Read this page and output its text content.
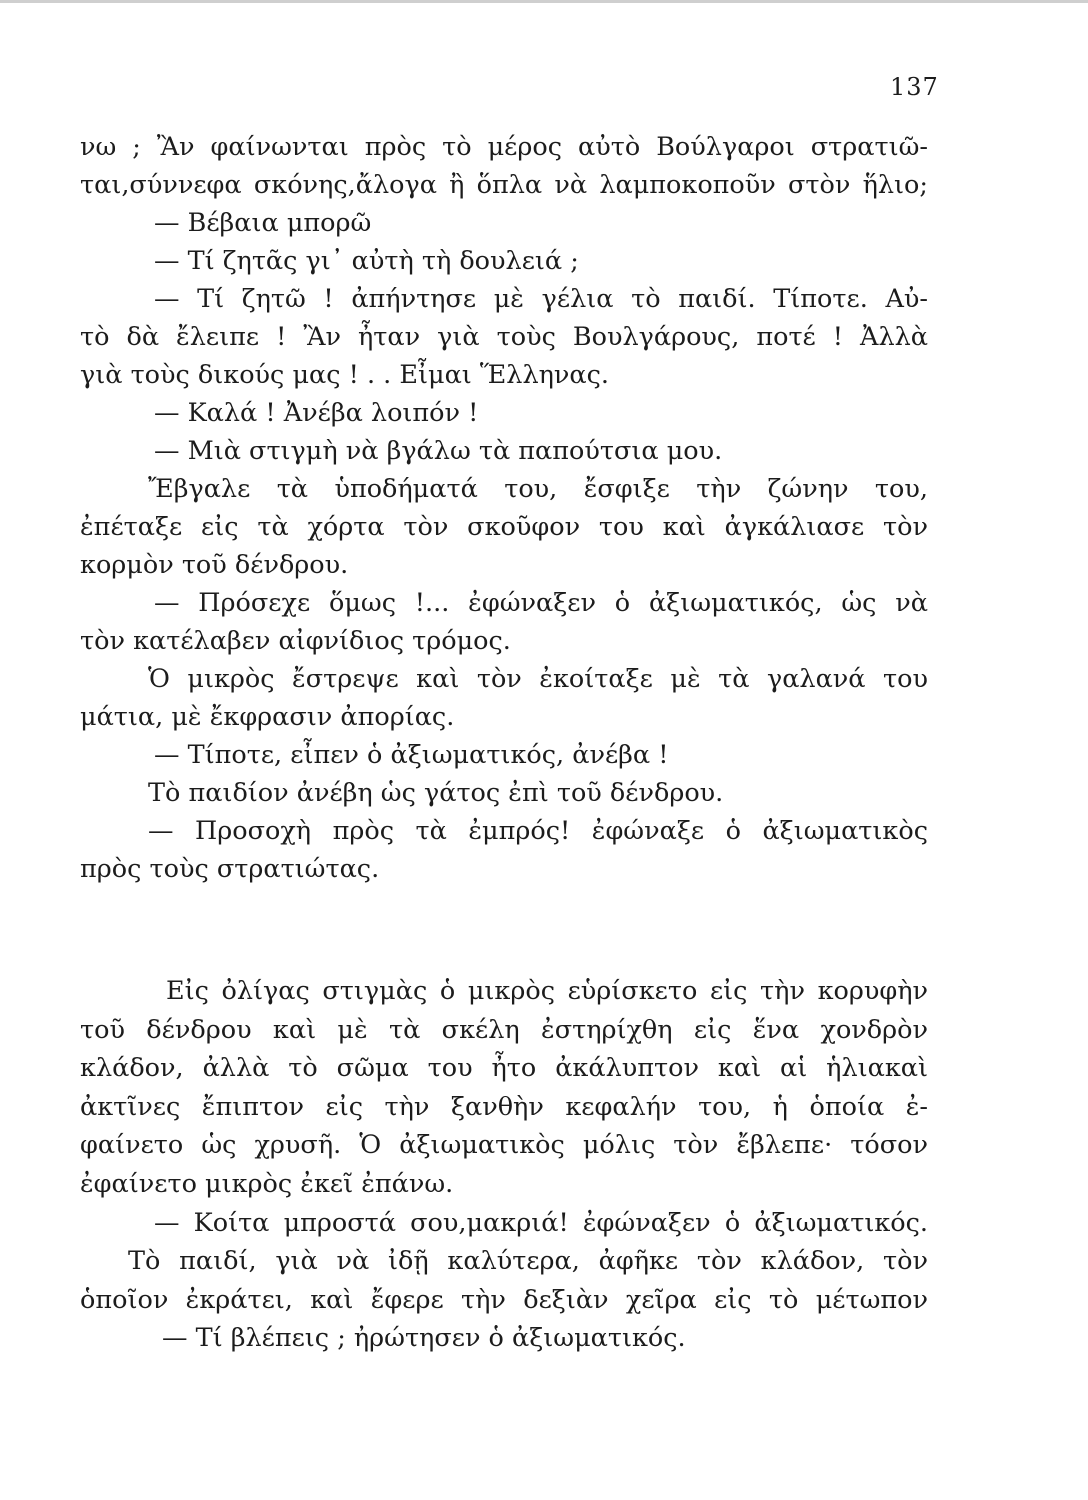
137
νω ; Ἂν φαίνωνται πρὸς τὸ μέρος αὐτὸ Βούλγαροι στρατιῶ-
ται,σύννεφα σκόνης,ἄλογα ἢ ὅπλα νὰ λαμποκοποῦν στὸν ἥλιο;
— Βέβαια μπορῶ
— Τί ζητᾶς γι᾽ αὐτὴ τὴ δουλειά ;
— Τί ζητῶ ! ἀπήντησε μὲ γέλια τὸ παιδί. Τίποτε. Αὐ-
τὸ δὰ ἔλειπε ! Ἂν ἦταν γιὰ τοὺς Βουλγάρους, ποτέ ! Ἀλλὰ
γιὰ τοὺς δικούς μας ! . . Εἶμαι Ἕλληνας.
— Καλά ! Ἀνέβα λοιπόν !
— Μιὰ στιγμὴ νὰ βγάλω τὰ παπούτσια μου.
Ἔβγαλε τὰ ὑποδήματά του, ἔσφιξε τὴν ζώνην του,
ἐπέταξε εἰς τὰ χόρτα τὸν σκοῦφον του καὶ ἀγκάλιασε τὸν
κορμὸν τοῦ δένδρου.
— Πρόσεχε ὅμως !... ἐφώναξεν ὁ ἀξιωματικός, ὡς νὰ
τὸν κατέλαβεν αἰφνίδιος τρόμος.
Ὁ μικρὸς ἔστρεψε καὶ τὸν ἐκοίταξε μὲ τὰ γαλανά του
μάτια, μὲ ἔκφρασιν ἀπορίας.
— Τίποτε, εἶπεν ὁ ἀξιωματικός, ἀνέβα !
Τὸ παιδίον ἀνέβη ὡς γάτος ἐπὶ τοῦ δένδρου.
— Προσοχὴ πρὸς τὰ ἐμπρός! ἐφώναξε ὁ ἀξιωματικὸς
πρὸς τοὺς στρατιώτας.
Εἰς ὀλίγας στιγμὰς ὁ μικρὸς εὑρίσκετο εἰς τὴν κορυφὴν
τοῦ δένδρου καὶ μὲ τὰ σκέλη ἐστηρίχθη εἰς ἕνα χονδρὸν
κλάδον, ἀλλὰ τὸ σῶμα του ἦτο ἀκάλυπτον καὶ αἱ ἡλιακαὶ
ἀκτῖνες ἔπιπτον εἰς τὴν ξανθὴν κεφαλήν του, ἡ ὁποία ἐ-
φαίνετο ὡς χρυσῆ. Ὁ ἀξιωματικὸς μόλις τὸν ἔβλεπε· τόσον
ἐφαίνετο μικρὸς ἐκεῖ ἐπάνω.
— Κοίτα μπροστά σου,μακριά! ἐφώναξεν ὁ ἀξιωματικός.
Τὸ παιδί, γιὰ νὰ ἰδῇ καλύτερα, ἀφῆκε τὸν κλάδον, τὸν
ὁποῖον ἐκράτει, καὶ ἔφερε τὴν δεξιὰν χεῖρα εἰς τὸ μέτωπον
— Τί βλέπεις ; ἠρώτησεν ὁ ἀξιωματικός.
